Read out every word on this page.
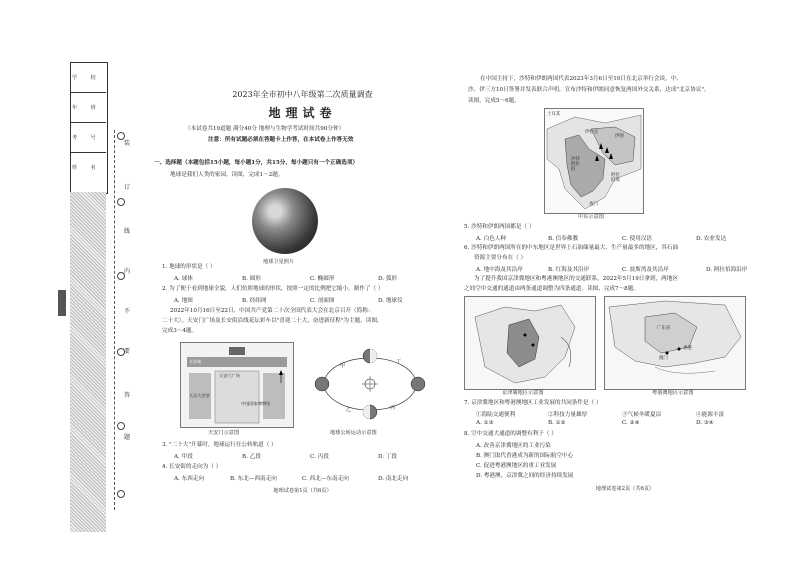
学 校
年 班
考 号
姓 名
装
订
线
内
不
要
答
题
2023年全市初中八年级第二次质量调查
地理试卷
（本试卷共19道题 满分40分 地理与生物学考试时间共90分钟）
注意：所有试题必须在答题卡上作答，在本试卷上作答无效
一、选择题（本题包括15小题，每小题1分，共15分，每小题只有一个正确选项）
地球是我们人类的家园。读图，完成1～2题。
地球卫星照片
1. 地球的形状是（ ）
A. 球体	B. 圆形	C. 椭圆形	D. 弧形
2. 为了便于看到地球全貌，人们仿照地球的形状，按照一定的比例把它缩小，制作了（ ）
A. 地图	B. 经纬网	C. 剖面图	D. 地球仪
2022年10月16日至22日，中国共产党第二十次全国代表大会在北京召开（简称：
二十大）。天安门广场及长安街沿线花坛彩车以"喜迎二十大，奋进新征程"为主题。读图，
完成3～4题。
天安门广场
人民大会堂
中国国家博物馆
长安街
天安门示意图
丁
甲
乙	丙
地球公转运动示意图
3. "二十大"开幕时，地球运行在公转轨道（ ）
A. 甲段	B. 乙段	C. 丙段	D. 丁段
4. 长安街的走向为（ ）
A. 东西走向	B. 东北—西南走向	C. 西北—东南走向	D. 南北走向
地理试卷第1页（共6页）
在中国主持下，沙特和伊朗两国代表2023年3月6日至10日在北京举行会谈。中、
沙、伊三方10日签署并发表联合声明，宣布沙特和伊朗同意恢复两国外交关系，达成"北京协议"。
读图，完成5～6题。
土耳其
伊拉克
伊朗
沙特阿拉伯
阿拉伯海
也门
中东示意图
5. 沙特和伊朗两国都是（ ）
A. 白色人种	B. 信奉佛教	C. 使用汉语	D. 农业发达
6. 沙特和伊朗两国所在的中东地区是世界上石油储量最大、生产量最多的地区，其石油
资源主要分布在（ ）
A. 地中海及其沿岸	B. 红海及其沿岸	C. 波斯湾及其沿岸	D. 阿拉伯海沿岸
为了提升我国京津冀地区和粤港澳地区的交通联系，2022年5月19日拿到，两地区
之间空中交通的通道由两条通道调整为四条通道。读图，完成7～8题。
京津冀地区示意图
广东省
香港
澳门
粤港澳地区示意图
7. 京津冀地区和粤港澳地区工业发展的共同条件是（ ）
①海陆交通便利	②科技力量雄厚	③气候冬暖夏凉	④能源丰富
A. ①③	B. ①②	C. ②④	D. ③④
8. 空中交通大通道的调整有利于（ ）
A. 改善京津冀地区的工业污染
B. 澳门取代香港成为新的国际航空中心
C. 促进粤港澳地区的重工业发展
D. 粤港澳、京津冀之间的经济持续发展
地理试卷第2页（共6页）
